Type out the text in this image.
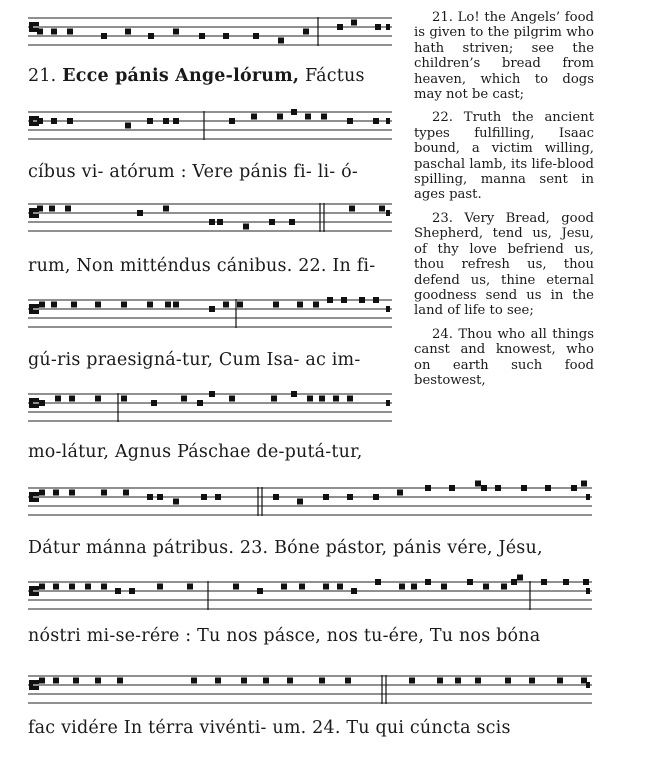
21. Ecce pánis Ange-lórum, Fáctus
cíbus vi- atórum : Vere pánis fi- li- ó-
rum, Non mitténdus cánibus. 22. In fi-
gú-ris praesigná-tur, Cum Isa- ac im-
mo-látur, Agnus Páschae de-putá-tur,
Dátur mánna pátribus. 23. Bóne pástor, pánis vére, Jésu,
nóstri mi-se-rére : Tu nos pásce, nos tu-ére, Tu nos bóna
fac vidére In térra vivénti- um. 24. Tu qui cúncta scis

21. Lo! the Angels’ food is given to the pilgrim who hath striven; see the children’s bread from heaven, which to dogs may not be cast;

22. Truth the ancient types fulfilling, Isaac bound, a victim willing, paschal lamb, its life-blood spilling, manna sent in ages past.

23. Very Bread, good Shepherd, tend us, Jesu, of thy love befriend us, thou refresh us, thou defend us, thine eternal goodness send us in the land of life to see;

24. Thou who all things canst and knowest, who on earth such food bestowest,
